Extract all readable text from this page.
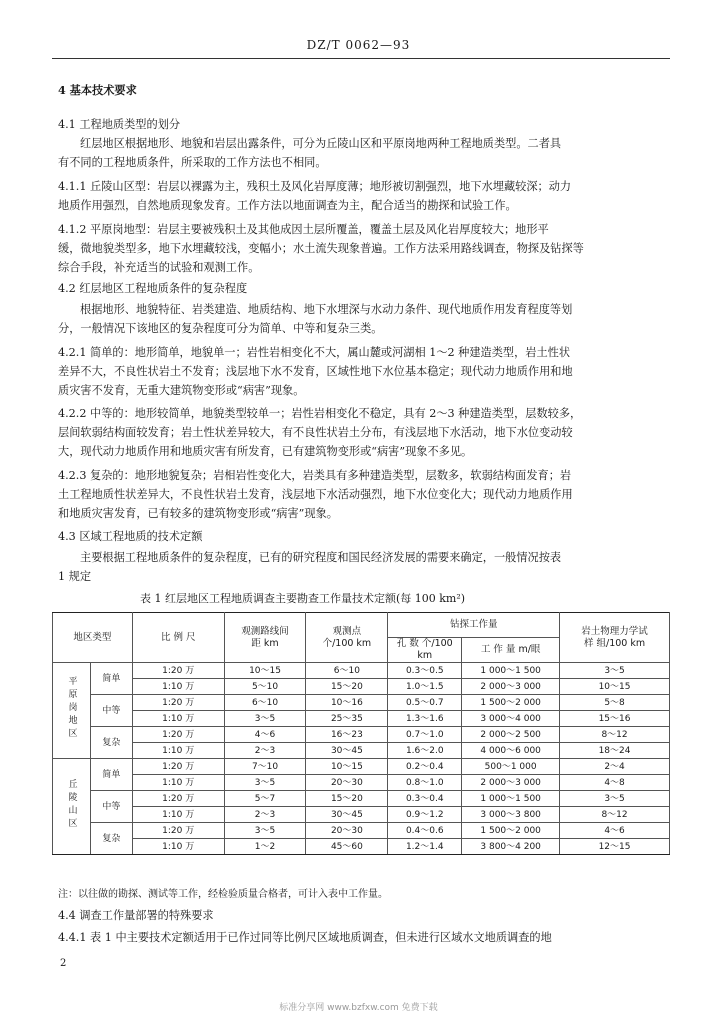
DZ/T 0062—93
4 基本技术要求
4.1 工程地质类型的划分
红层地区根据地形、地貌和岩层出露条件，可分为丘陵山区和平原岗地两种工程地质类型。二者具
有不同的工程地质条件，所采取的工作方法也不相同。
4.1.1 丘陵山区型：岩层以裸露为主，残积土及风化岩厚度薄；地形被切割强烈，地下水埋藏较深；动力
地质作用强烈，自然地质现象发育。工作方法以地面调查为主，配合适当的勘探和试验工作。
4.1.2 平原岗地型：岩层主要被残积土及其他成因土层所覆盖，覆盖土层及风化岩厚度较大；地形平
缓，微地貌类型多，地下水埋藏较浅，变幅小；水土流失现象普遍。工作方法采用路线调查，物探及钻探等
综合手段，补充适当的试验和观测工作。
4.2 红层地区工程地质条件的复杂程度
根据地形、地貌特征、岩类建造、地质结构、地下水埋深与水动力条件、现代地质作用发育程度等划
分，一般情况下该地区的复杂程度可分为简单、中等和复杂三类。
4.2.1 简单的：地形简单，地貌单一；岩性岩相变化不大，属山麓或河湖相 1～2 种建造类型，岩土性状
差异不大，不良性状岩土不发育；浅层地下水不发育，区域性地下水位基本稳定；现代动力地质作用和地
质灾害不发育，无重大建筑物变形或“病害”现象。
4.2.2 中等的：地形较简单，地貌类型较单一；岩性岩相变化不稳定，具有 2～3 种建造类型，层数较多，
层间软弱结构面较发育；岩土性状差异较大，有不良性状岩土分布，有浅层地下水活动，地下水位变动较
大，现代动力地质作用和地质灾害有所发育，已有建筑物变形或“病害”现象不多见。
4.2.3 复杂的：地形地貌复杂；岩相岩性变化大，岩类具有多种建造类型，层数多，软弱结构面发育；岩
土工程地质性状差异大，不良性状岩土发育，浅层地下水活动强烈，地下水位变化大；现代动力地质作用
和地质灾害发育，已有较多的建筑物变形或“病害”现象。
4.3 区域工程地质的技术定额
主要根据工程地质条件的复杂程度，已有的研究程度和国民经济发展的需要来确定，一般情况按表
1 规定
表 1 红层地区工程地质调查主要勘查工作量技术定额(每 100 km²)
地区类型		比 例 尺	观测路线间距 km	观测点 个/100 km	钻探工作量		岩土物理力学试样 组/100 km
					孔 数 个/100 km	工 作 量 m/眼	
平原岗地区	简单	1:20 万	10～15	6～10	0.3～0.5	1 000～1 500	3～5
		1:10 万	5～10	15～20	1.0～1.5	2 000～3 000	10～15
	中等	1:20 万	6～10	10～16	0.5～0.7	1 500～2 000	5～8
		1:10 万	3～5	25～35	1.3～1.6	3 000～4 000	15～16
	复杂	1:20 万	4～6	16～23	0.7～1.0	2 000～2 500	8～12
		1:10 万	2～3	30～45	1.6～2.0	4 000～6 000	18～24
丘陵山区	简单	1:20 万	7～10	10～15	0.2～0.4	500～1 000	2～4
		1:10 万	3～5	20～30	0.8～1.0	2 000～3 000	4～8
	中等	1:20 万	5～7	15～20	0.3～0.4	1 000～1 500	3～5
		1:10 万	2～3	30～45	0.9～1.2	3 000～3 800	8～12
	复杂	1:20 万	3～5	20～30	0.4～0.6	1 500～2 000	4～6
		1:10 万	1～2	45～60	1.2～1.4	3 800～4 200	12～15
注：以往做的勘探、测试等工作，经检验质量合格者，可计入表中工作量。
4.4 调查工作量部署的特殊要求
4.4.1 表 1 中主要技术定额适用于已作过同等比例尺区域地质调查，但未进行区域水文地质调查的地
2
标准分享网 www.bzfxw.com 免费下载
